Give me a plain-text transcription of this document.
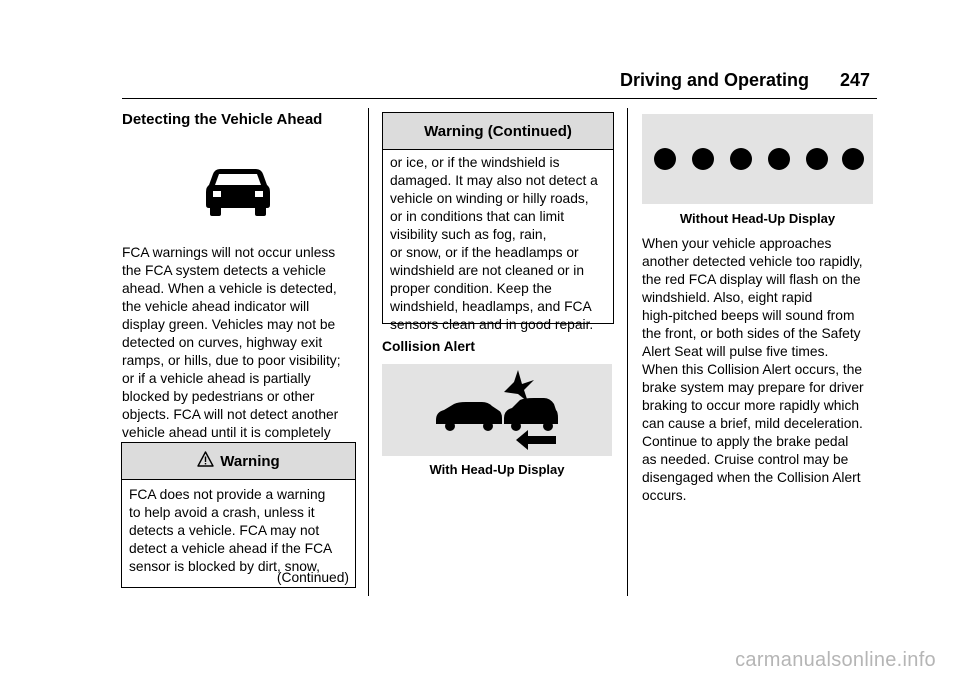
Driving and Operating 247
Detecting the Vehicle Ahead
FCA warnings will not occur unless
the FCA system detects a vehicle
ahead. When a vehicle is detected,
the vehicle ahead indicator will
display green. Vehicles may not be
detected on curves, highway exit
ramps, or hills, due to poor visibility;
or if a vehicle ahead is partially
blocked by pedestrians or other
objects. FCA will not detect another
vehicle ahead until it is completely

Warning
FCA does not provide a warning
to help avoid a crash, unless it
detects a vehicle. FCA may not
detect a vehicle ahead if the FCA
sensor is blocked by dirt, snow,
(Continued)
Warning (Continued)
or ice, or if the windshield is
damaged. It may also not detect a
vehicle on winding or hilly roads,
or in conditions that can limit
visibility such as fog, rain,
or snow, or if the headlamps or
windshield are not cleaned or in
proper condition. Keep the
windshield, headlamps, and FCA
sensors clean and in good repair.
Collision Alert
With Head-Up Display
Without Head-Up Display
When your vehicle approaches
another detected vehicle too rapidly,
the red FCA display will flash on the
windshield. Also, eight rapid
high-pitched beeps will sound from
the front, or both sides of the Safety
Alert Seat will pulse five times.
When this Collision Alert occurs, the
brake system may prepare for driver
braking to occur more rapidly which
can cause a brief, mild deceleration.
Continue to apply the brake pedal
as needed. Cruise control may be
disengaged when the Collision Alert
occurs.
carmanualsonline.info
